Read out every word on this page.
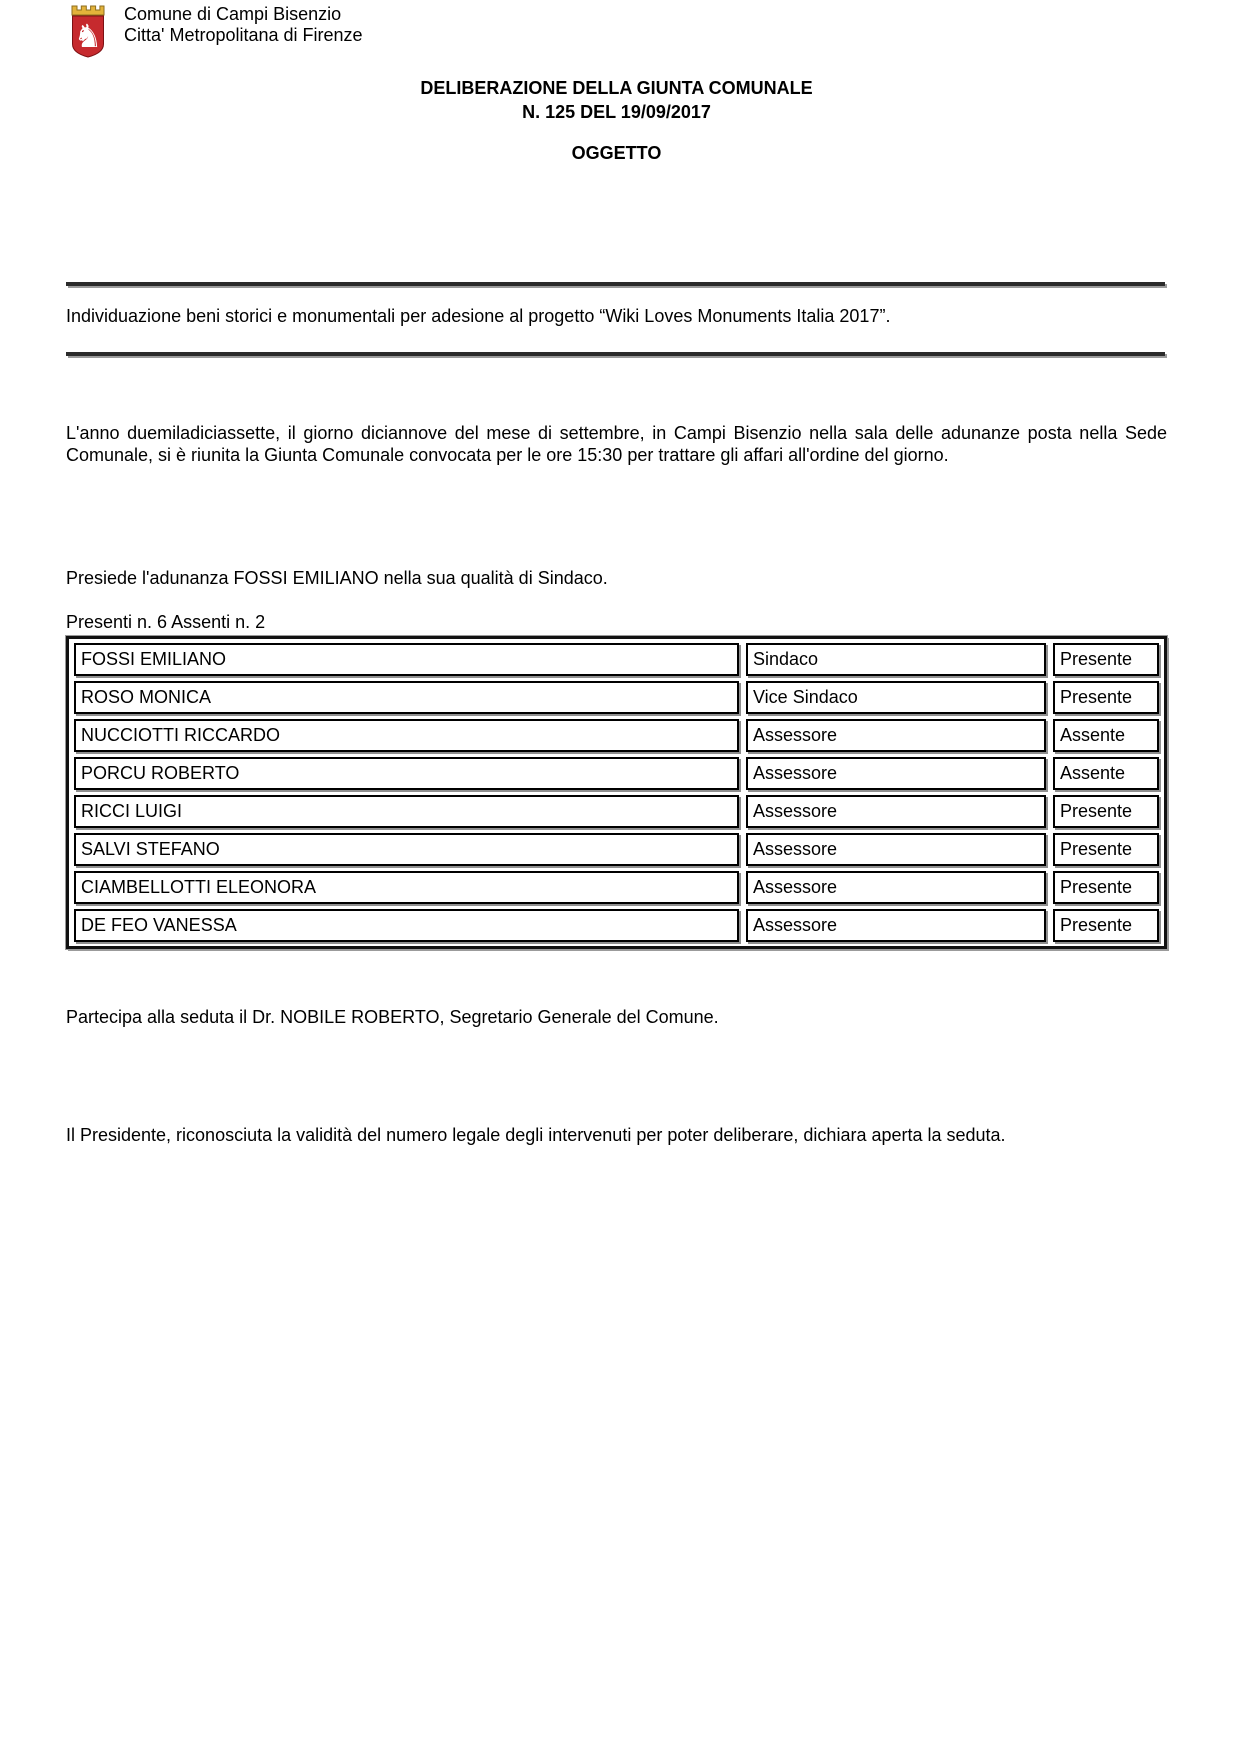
♞
Comune di Campi Bisenzio
Citta' Metropolitana di Firenze
DELIBERAZIONE DELLA GIUNTA COMUNALE
N. 125 DEL 19/09/2017
OGGETTO
Individuazione beni storici e monumentali per adesione al progetto “Wiki Loves Monuments Italia 2017”.
L'anno duemiladiciassette, il giorno diciannove del mese di settembre, in Campi Bisenzio nella sala delle adunanze posta nella Sede Comunale, si è riunita la Giunta Comunale convocata per le ore 15:30 per trattare gli affari all'ordine del giorno.
Presiede l'adunanza FOSSI EMILIANO nella sua qualità di Sindaco.
Presenti n. 6 Assenti n. 2
FOSSI EMILIANO	Sindaco	Presente
ROSO MONICA	Vice Sindaco	Presente
NUCCIOTTI RICCARDO	Assessore	Assente
PORCU ROBERTO	Assessore	Assente
RICCI LUIGI	Assessore	Presente
SALVI STEFANO	Assessore	Presente
CIAMBELLOTTI ELEONORA	Assessore	Presente
DE FEO VANESSA	Assessore	Presente
Partecipa alla seduta il Dr. NOBILE ROBERTO, Segretario Generale del Comune.
Il Presidente, riconosciuta la validità del numero legale degli intervenuti per poter deliberare, dichiara aperta la seduta.
